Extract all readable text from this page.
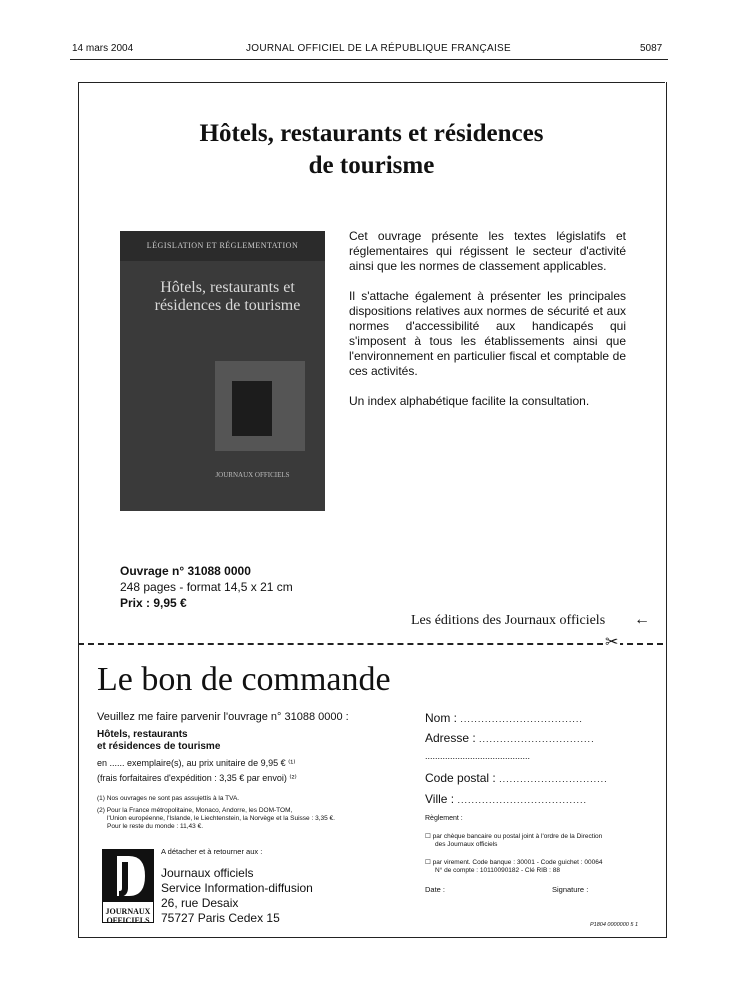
14 mars 2004	JOURNAL OFFICIEL DE LA RÉPUBLIQUE FRANÇAISE	5087
Hôtels, restaurants et résidences
de tourisme
LÉGISLATION ET RÉGLEMENTATION
Hôtels, restaurants et résidences de tourisme
JOURNAUX OFFICIELS

Cet ouvrage présente les textes législatifs et réglementaires qui régissent le secteur d'activité ainsi que les normes de classement applicables.

Il s'attache également à présenter les principales dispositions relatives aux normes de sécurité et aux normes d'accessibilité aux handicapés qui s'imposent à tous les établissements ainsi que l'environnement en particulier fiscal et comptable de ces activités.

Un index alphabétique facilite la consultation.

Ouvrage n° 31088 0000
248 pages - format 14,5 x 21 cm
Prix : 9,95 €
Les éditions des Journaux officiels ←
✂
Le bon de commande
Veuillez me faire parvenir l'ouvrage n° 31088 0000 :
Hôtels, restaurants
et résidences de tourisme
en ...... exemplaire(s), au prix unitaire de 9,95 € ⁽¹⁾
(frais forfaitaires d'expédition : 3,35 € par envoi) ⁽²⁾
(1) Nos ouvrages ne sont pas assujettis à la TVA.
(2) Pour la France métropolitaine, Monaco, Andorre, les DOM-TOM,
l'Union européenne, l'Islande, le Liechtenstein, la Norvège et la Suisse : 3,35 €.
Pour le reste du monde : 11,43 €.
A détacher et à retourner aux :
JOURNAUX
OFFICIELS
Journaux officiels
Service Information-diffusion
26, rue Desaix
75727 Paris Cedex 15
Nom : ...................................
Adresse : .................................
..........................................
Code postal : ...............................
Ville : .....................................
Règlement :
☐ par chèque bancaire ou postal joint à l'ordre de la Direction
des Journaux officiels
☐ par virement. Code banque : 30001 - Code guichet : 00064
N° de compte : 10110090182 - Clé RIB : 88
Date :	Signature :
P1804 0000000 5 1
